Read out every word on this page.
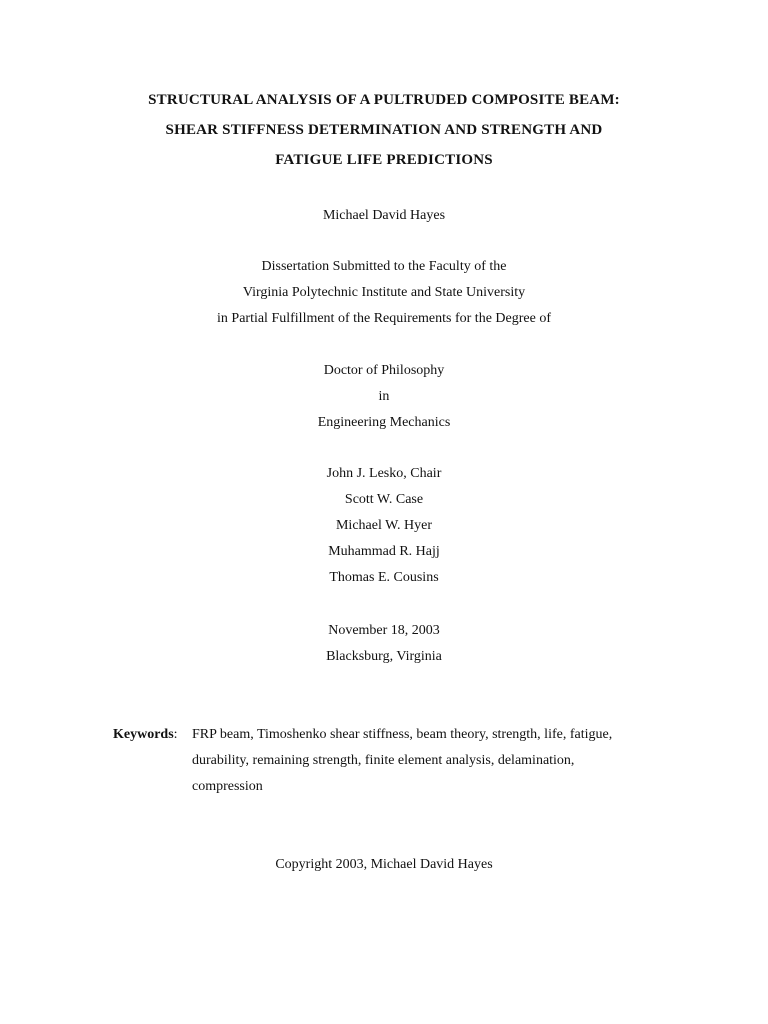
STRUCTURAL ANALYSIS OF A PULTRUDED COMPOSITE BEAM:
SHEAR STIFFNESS DETERMINATION AND STRENGTH AND
FATIGUE LIFE PREDICTIONS
Michael David Hayes
Dissertation Submitted to the Faculty of the
Virginia Polytechnic Institute and State University
in Partial Fulfillment of the Requirements for the Degree of
Doctor of Philosophy
in
Engineering Mechanics
John J. Lesko, Chair
Scott W. Case
Michael W. Hyer
Muhammad R. Hajj
Thomas E. Cousins
November 18, 2003
Blacksburg, Virginia
Keywords: FRP beam, Timoshenko shear stiffness, beam theory, strength, life, fatigue,
durability, remaining strength, finite element analysis, delamination,
compression
Copyright 2003, Michael David Hayes
